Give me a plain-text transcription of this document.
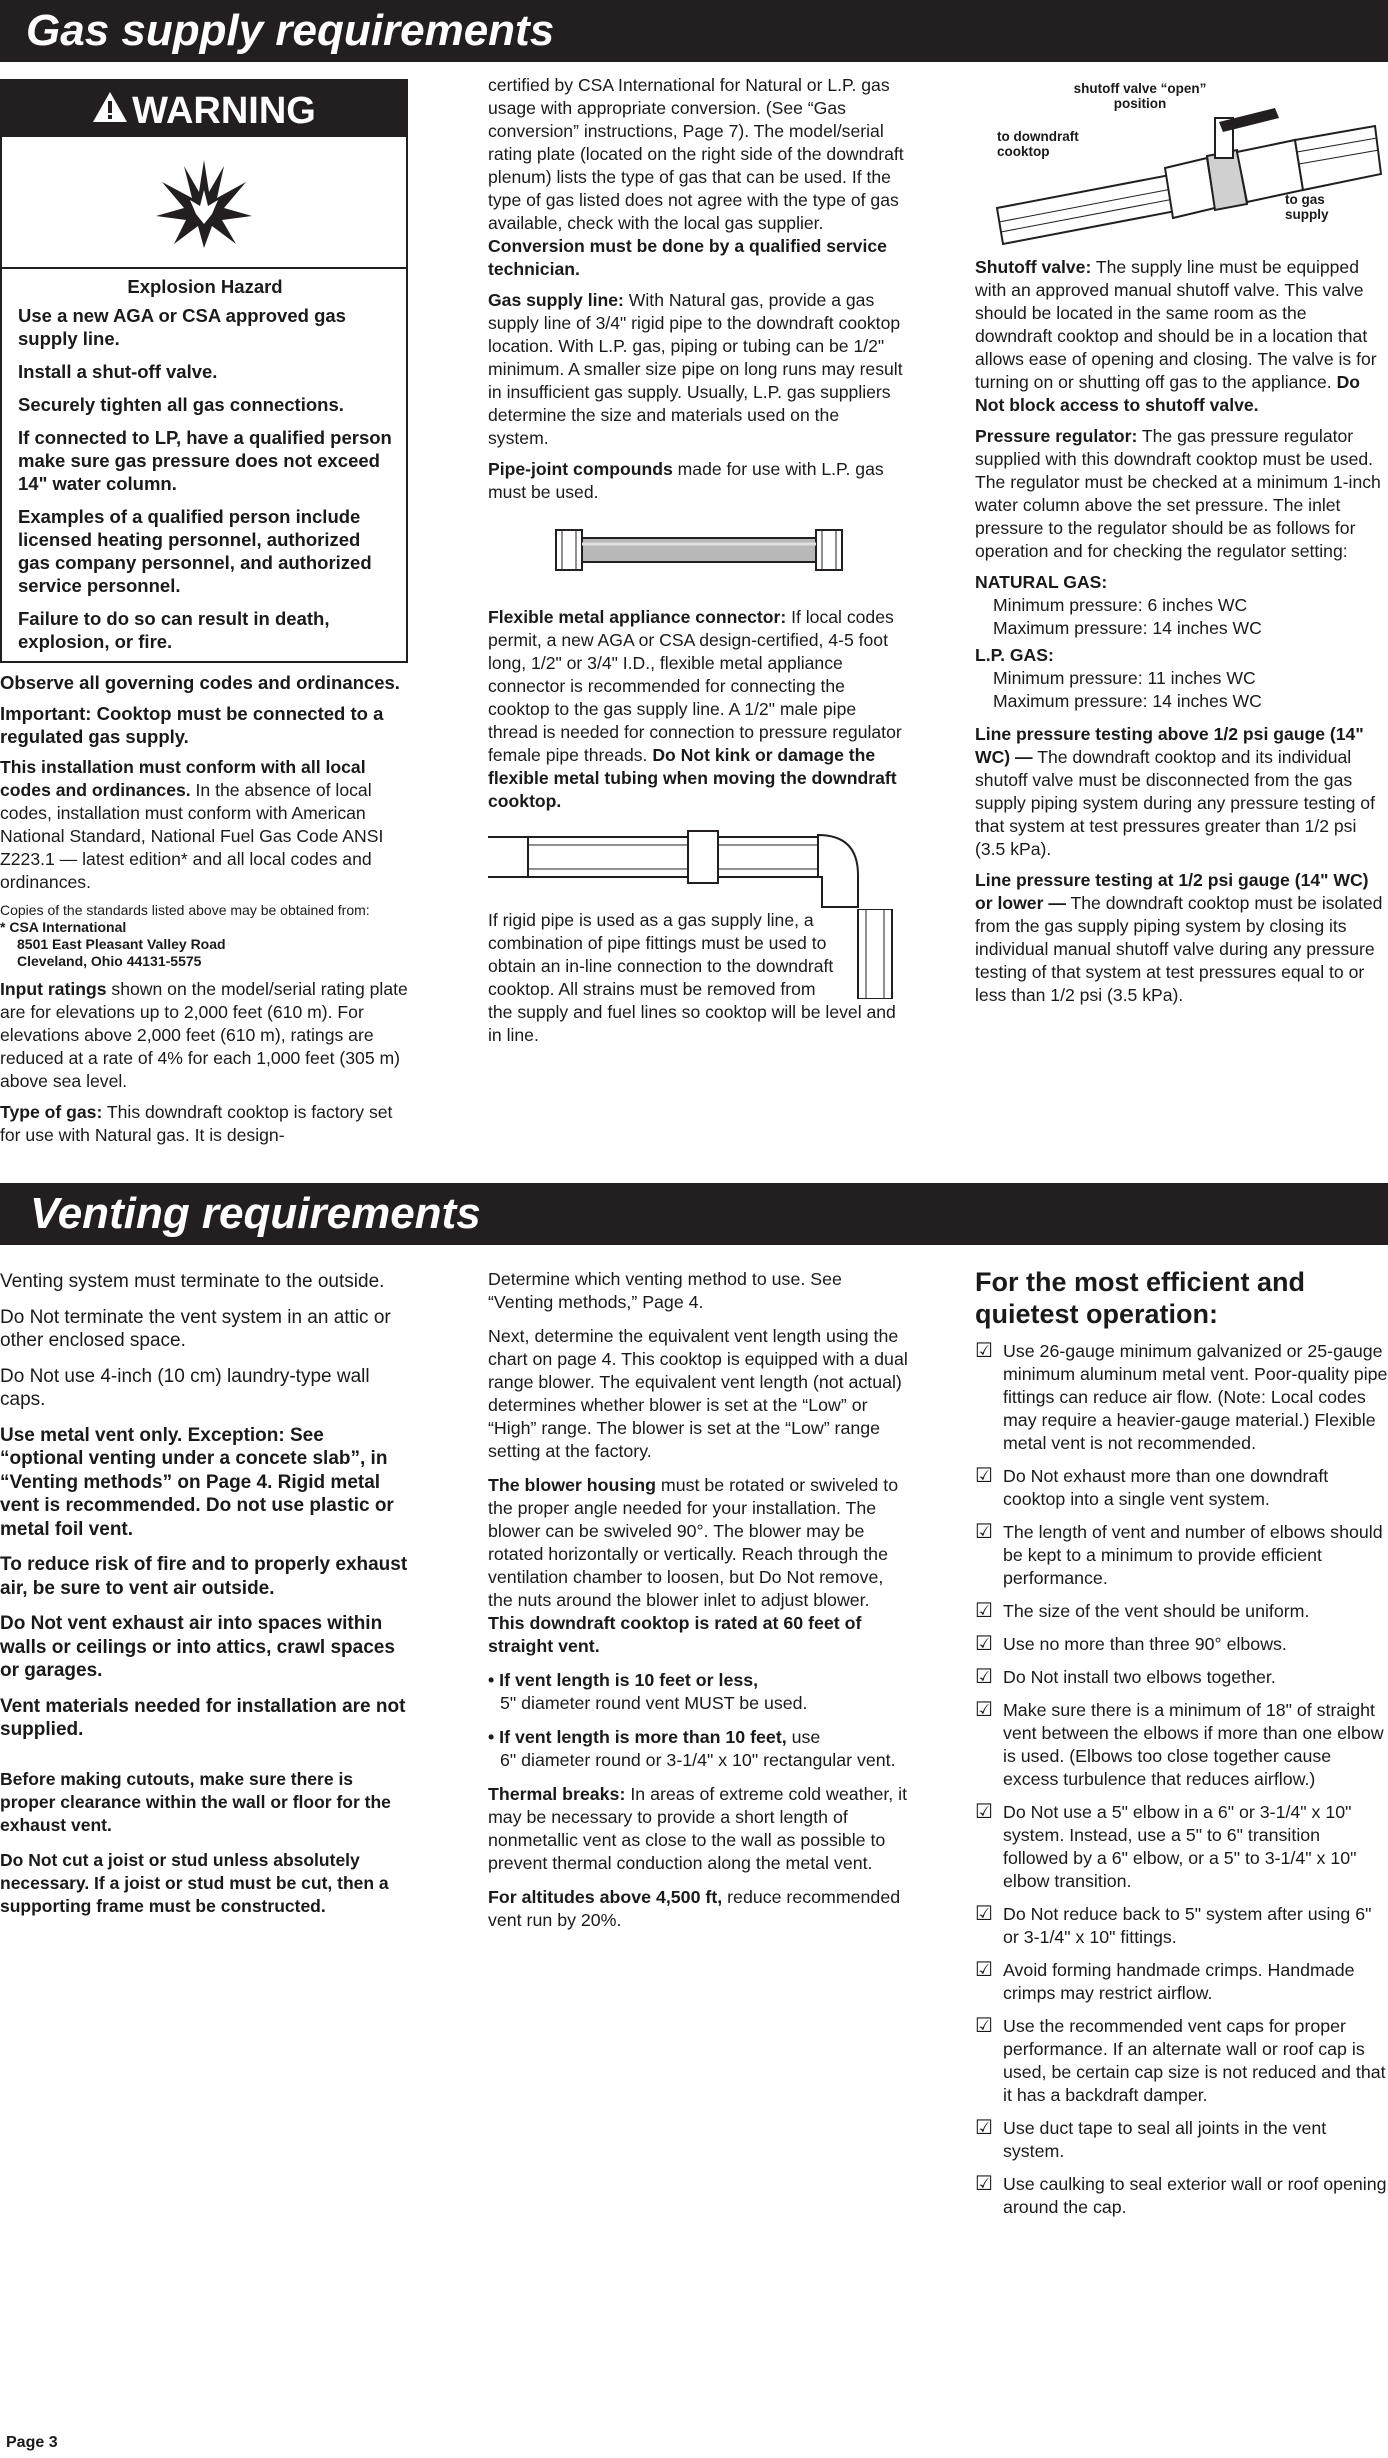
Gas supply requirements
WARNING
Explosion Hazard

Use a new AGA or CSA approved gas supply line.

Install a shut-off valve.

Securely tighten all gas connections.

If connected to LP, have a qualified person make sure gas pressure does not exceed 14" water column.

Examples of a qualified person include licensed heating personnel, authorized gas company personnel, and authorized service personnel.

Failure to do so can result in death, explosion, or fire.

Observe all governing codes and ordinances.

Important: Cooktop must be connected to a regulated gas supply.

This installation must conform with all local codes and ordinances. In the absence of local codes, installation must conform with American National Standard, National Fuel Gas Code ANSI Z223.1 — latest edition* and all local codes and ordinances.

Copies of the standards listed above may be obtained from:
* CSA International
8501 East Pleasant Valley Road
Cleveland, Ohio 44131-5575

Input ratings shown on the model/serial rating plate are for elevations up to 2,000 feet (610 m). For elevations above 2,000 feet (610 m), ratings are reduced at a rate of 4% for each 1,000 feet (305 m) above sea level.

Type of gas: This downdraft cooktop is factory set for use with Natural gas. It is design-

certified by CSA International for Natural or L.P. gas usage with appropriate conversion. (See “Gas conversion” instructions, Page 7). The model/serial rating plate (located on the right side of the downdraft plenum) lists the type of gas that can be used. If the type of gas listed does not agree with the type of gas available, check with the local gas supplier. Conversion must be done by a qualified service technician.

Gas supply line: With Natural gas, provide a gas supply line of 3/4" rigid pipe to the downdraft cooktop location. With L.P. gas, piping or tubing can be 1/2" minimum. A smaller size pipe on long runs may result in insufficient gas supply. Usually, L.P. gas suppliers determine the size and materials used on the system.

Pipe-joint compounds made for use with L.P. gas must be used.

Flexible metal appliance connector: If local codes permit, a new AGA or CSA design-certified, 4-5 foot long, 1/2" or 3/4" I.D., flexible metal appliance connector is recommended for connecting the cooktop to the gas supply line. A 1/2" male pipe thread is needed for connection to pressure regulator female pipe threads. Do Not kink or damage the flexible metal tubing when moving the downdraft cooktop.

If rigid pipe is used as a gas supply line, a combination of pipe fittings must be used to obtain an in-line connection to the downdraft cooktop. All strains must be removed from the supply and fuel lines so cooktop will be level and in line.

shutoff valve “open” position
to downdraft cooktop
to gas supply

Shutoff valve: The supply line must be equipped with an approved manual shutoff valve. This valve should be located in the same room as the downdraft cooktop and should be in a location that allows ease of opening and closing. The valve is for turning on or shutting off gas to the appliance. Do Not block access to shutoff valve.

Pressure regulator: The gas pressure regulator supplied with this downdraft cooktop must be used. The regulator must be checked at a minimum 1-inch water column above the set pressure. The inlet pressure to the regulator should be as follows for operation and for checking the regulator setting:

NATURAL GAS:
Minimum pressure: 6 inches WC
Maximum pressure: 14 inches WC
L.P. GAS:
Minimum pressure: 11 inches WC
Maximum pressure: 14 inches WC

Line pressure testing above 1/2 psi gauge (14" WC) — The downdraft cooktop and its individual shutoff valve must be disconnected from the gas supply piping system during any pressure testing of that system at test pressures greater than 1/2 psi (3.5 kPa).

Line pressure testing at 1/2 psi gauge (14" WC) or lower — The downdraft cooktop must be isolated from the gas supply piping system by closing its individual manual shutoff valve during any pressure testing of that system at test pressures equal to or less than 1/2 psi (3.5 kPa).

Venting requirements

Venting system must terminate to the outside.

Do Not terminate the vent system in an attic or other enclosed space.

Do Not use 4-inch (10 cm) laundry-type wall caps.

Use metal vent only. Exception: See “optional venting under a concete slab”, in “Venting methods” on Page 4. Rigid metal vent is recommended. Do not use plastic or metal foil vent.

To reduce risk of fire and to properly exhaust air, be sure to vent air outside.

Do Not vent exhaust air into spaces within walls or ceilings or into attics, crawl spaces or garages.

Vent materials needed for installation are not supplied.

Before making cutouts, make sure there is proper clearance within the wall or floor for the exhaust vent.

Do Not cut a joist or stud unless absolutely necessary. If a joist or stud must be cut, then a supporting frame must be constructed.

Determine which venting method to use. See “Venting methods,” Page 4.

Next, determine the equivalent vent length using the chart on page 4. This cooktop is equipped with a dual range blower. The equivalent vent length (not actual) determines whether blower is set at the “Low” or “High” range. The blower is set at the “Low” range setting at the factory.

The blower housing must be rotated or swiveled to the proper angle needed for your installation. The blower can be swiveled 90°. The blower may be rotated horizontally or vertically. Reach through the ventilation chamber to loosen, but Do Not remove, the nuts around the blower inlet to adjust blower. This downdraft cooktop is rated at 60 feet of straight vent.

• If vent length is 10 feet or less,
5" diameter round vent MUST be used.

• If vent length is more than 10 feet, use
6" diameter round or 3-1/4" x 10" rectangular vent.

Thermal breaks: In areas of extreme cold weather, it may be necessary to provide a short length of nonmetallic vent as close to the wall as possible to prevent thermal conduction along the metal vent.

For altitudes above 4,500 ft, reduce recommended vent run by 20%.

For the most efficient and quietest operation:
☑ Use 26-gauge minimum galvanized or 25-gauge minimum aluminum metal vent. Poor-quality pipe fittings can reduce air flow. (Note: Local codes may require a heavier-gauge material.) Flexible metal vent is not recommended.
☑ Do Not exhaust more than one downdraft cooktop into a single vent system.
☑ The length of vent and number of elbows should be kept to a minimum to provide efficient performance.
☑ The size of the vent should be uniform.
☑ Use no more than three 90° elbows.
☑ Do Not install two elbows together.
☑ Make sure there is a minimum of 18" of straight vent between the elbows if more than one elbow is used. (Elbows too close together cause excess turbulence that reduces airflow.)
☑ Do Not use a 5" elbow in a 6" or 3-1/4" x 10" system. Instead, use a 5" to 6" transition followed by a 6" elbow, or a 5" to 3-1/4" x 10" elbow transition.
☑ Do Not reduce back to 5" system after using 6" or 3-1/4" x 10" fittings.
☑ Avoid forming handmade crimps. Handmade crimps may restrict airflow.
☑ Use the recommended vent caps for proper performance. If an alternate wall or roof cap is used, be certain cap size is not reduced and that it has a backdraft damper.
☑ Use duct tape to seal all joints in the vent system.
☑ Use caulking to seal exterior wall or roof opening around the cap.
Page 3
